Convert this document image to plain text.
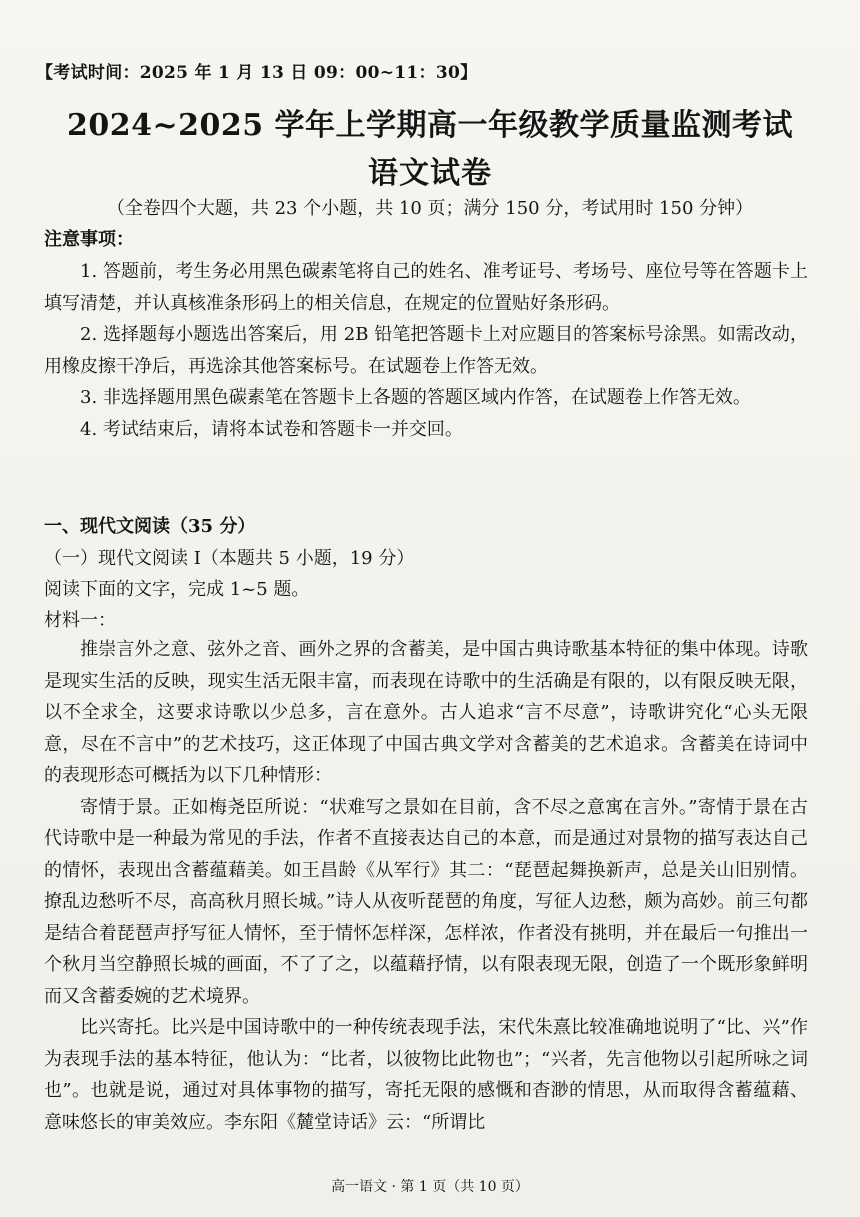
【考试时间：2025 年 1 月 13 日 09：00~11：30】
2024~2025 学年上学期高一年级教学质量监测考试
语文试卷
（全卷四个大题，共 23 个小题，共 10 页；满分 150 分，考试用时 150 分钟）
注意事项：

1. 答题前，考生务必用黑色碳素笔将自己的姓名、准考证号、考场号、座位号等在答题卡上填写清楚，并认真核准条形码上的相关信息，在规定的位置贴好条形码。

2. 选择题每小题选出答案后，用 2B 铅笔把答题卡上对应题目的答案标号涂黑。如需改动，用橡皮擦干净后，再选涂其他答案标号。在试题卷上作答无效。

3. 非选择题用黑色碳素笔在答题卡上各题的答题区域内作答，在试题卷上作答无效。

4. 考试结束后，请将本试卷和答题卡一并交回。

一、现代文阅读（35 分）
（一）现代文阅读 I（本题共 5 小题，19 分）
阅读下面的文字，完成 1~5 题。
材料一：

推崇言外之意、弦外之音、画外之界的含蓄美，是中国古典诗歌基本特征的集中体现。诗歌是现实生活的反映，现实生活无限丰富，而表现在诗歌中的生活确是有限的，以有限反映无限，以不全求全，这要求诗歌以少总多，言在意外。古人追求“言不尽意”，诗歌讲究化“心头无限意，尽在不言中”的艺术技巧，这正体现了中国古典文学对含蓄美的艺术追求。含蓄美在诗词中的表现形态可概括为以下几种情形：

寄情于景。正如梅尧臣所说：“状难写之景如在目前，含不尽之意寓在言外。”寄情于景在古代诗歌中是一种最为常见的手法，作者不直接表达自己的本意，而是通过对景物的描写表达自己的情怀，表现出含蓄蕴藉美。如王昌龄《从军行》其二：“琵琶起舞换新声，总是关山旧别情。撩乱边愁听不尽，高高秋月照长城。”诗人从夜听琵琶的角度，写征人边愁，颇为高妙。前三句都是结合着琵琶声抒写征人情怀，至于情怀怎样深，怎样浓，作者没有挑明，并在最后一句推出一个秋月当空静照长城的画面，不了了之，以蕴藉抒情，以有限表现无限，创造了一个既形象鲜明而又含蓄委婉的艺术境界。

比兴寄托。比兴是中国诗歌中的一种传统表现手法，宋代朱熹比较准确地说明了“比、兴”作为表现手法的基本特征，他认为：“比者，以彼物比此物也”；“兴者，先言他物以引起所咏之词也”。也就是说，通过对具体事物的描写，寄托无限的感慨和杳渺的情思，从而取得含蓄蕴藉、意味悠长的审美效应。李东阳《麓堂诗话》云：“所谓比

高一语文 · 第 1 页（共 10 页）
